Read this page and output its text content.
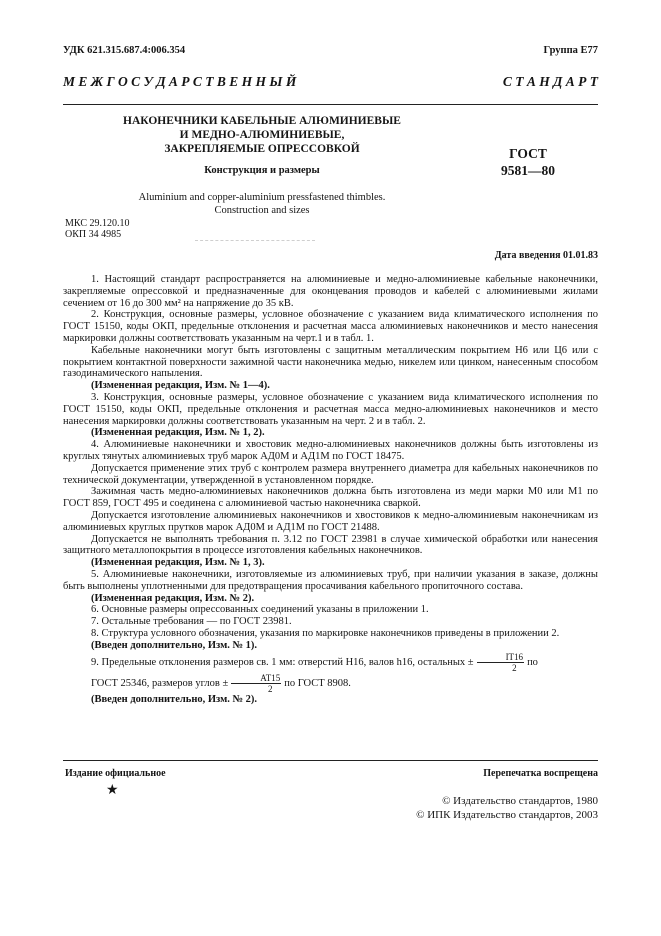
УДК 621.315.687.4:006.354	Группа Е77
М Е Ж Г О С У Д А Р С Т В Е Н Н Ы Й	С Т А Н Д А Р Т
НАКОНЕЧНИКИ КАБЕЛЬНЫЕ АЛЮМИНИЕВЫЕ
И МЕДНО-АЛЮМИНИЕВЫЕ,
ЗАКРЕПЛЯЕМЫЕ ОПРЕССОВКОЙ
Конструкция и размеры
ГОСТ
9581—80
Aluminium and copper-aluminium pressfastened thimbles.
Construction and sizes
МКС 29.120.10
ОКП 34 4985
Дата введения 01.01.83

1. Настоящий стандарт распространяется на алюминиевые и медно-алюминиевые кабельные наконечники, закрепляемые опрессовкой и предназначенные для оконцевания проводов и кабелей с алюминиевыми жилами сечением от 16 до 300 мм² на напряжение до 35 кВ.

2. Конструкция, основные размеры, условное обозначение с указанием вида климатического исполнения по ГОСТ 15150, коды ОКП, предельные отклонения и расчетная масса алюминиевых наконечников и место нанесения маркировки должны соответствовать указанным на черт.1 и в табл. 1.

Кабельные наконечники могут быть изготовлены с защитным металлическим покрытием Н6 или Ц6 или с покрытием контактной поверхности зажимной части наконечника медью, никелем или цинком, нанесенным способом газодинамического напыления.

(Измененная редакция, Изм. № 1—4).

3. Конструкция, основные размеры, условное обозначение с указанием вида климатического исполнения по ГОСТ 15150, коды ОКП, предельные отклонения и расчетная масса медно-алюминиевых наконечников и место нанесения маркировки должны соответствовать указанным на черт. 2 и в табл. 2.

(Измененная редакция, Изм. № 1, 2).

4. Алюминиевые наконечники и хвостовик медно-алюминиевых наконечников должны быть изготовлены из круглых тянутых алюминиевых труб марок АД0М и АД1М по ГОСТ 18475.

Допускается применение этих труб с контролем размера внутреннего диаметра для кабельных наконечников по технической документации, утвержденной в установленном порядке.

Зажимная часть медно-алюминиевых наконечников должна быть изготовлена из меди марки М0 или М1 по ГОСТ 859, ГОСТ 495 и соединена с алюминиевой частью наконечника сваркой.

Допускается изготовление алюминиевых наконечников и хвостовиков к медно-алюминиевым наконечникам из алюминиевых круглых прутков марок АД0М и АД1М по ГОСТ 21488.

Допускается не выполнять требования п. 3.12 по ГОСТ 23981 в случае химической обработки или нанесения защитного металлопокрытия в процессе изготовления кабельных наконечников.

(Измененная редакция, Изм. № 1, 3).

5. Алюминиевые наконечники, изготовляемые из алюминиевых труб, при наличии указания в заказе, должны быть выполнены уплотненными для предотвращения просачивания кабельного пропиточного состава.

(Измененная редакция, Изм. № 2).

6. Основные размеры опрессованных соединений указаны в приложении 1.

7. Остальные требования — по ГОСТ 23981.

8. Структура условного обозначения, указания по маркировке наконечников приведены в приложении 2.

(Введен дополнительно, Изм. № 1).

9. Предельные отклонения размеров св. 1 мм: отверстий Н16, валов h16, остальных ± $\frac{IT16}{2}$ по

ГОСТ 25346, размеров углов ± $\frac{AT15}{2}$ по ГОСТ 8908.

(Введен дополнительно, Изм. № 2).

Издание официальное	Перепечатка воспрещена
★
© Издательство стандартов, 1980
© ИПК Издательство стандартов, 2003
